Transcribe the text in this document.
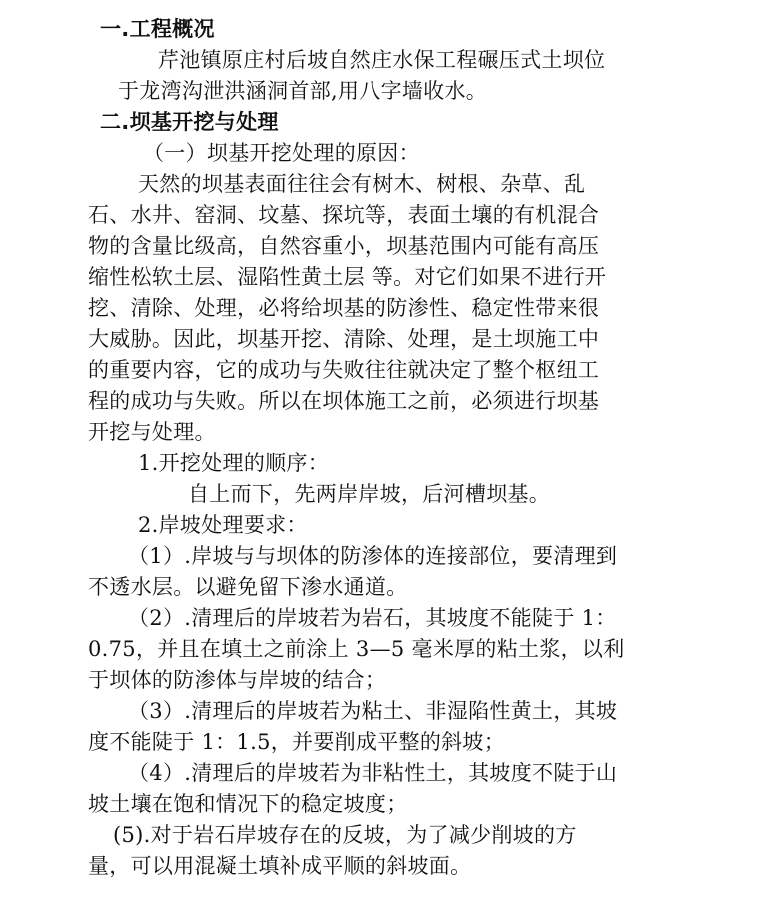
一.工程概况
芹池镇原庄村后坡自然庄水保工程碾压式土坝位
于龙湾沟泄洪涵洞首部,用八字墙收水。
二.坝基开挖与处理
（一）坝基开挖处理的原因：
天然的坝基表面往往会有树木、树根、杂草、乱
石、水井、窑洞、坟墓、探坑等，表面土壤的有机混合
物的含量比级高，自然容重小，坝基范围内可能有高压
缩性松软土层、湿陷性黄土层 等。对它们如果不进行开
挖、清除、处理，必将给坝基的防渗性、稳定性带来很
大威胁。因此，坝基开挖、清除、处理，是土坝施工中
的重要内容，它的成功与失败往往就决定了整个枢纽工
程的成功与失败。所以在坝体施工之前，必须进行坝基
开挖与处理。
1.开挖处理的顺序：
自上而下，先两岸岸坡，后河槽坝基。
2.岸坡处理要求：
（1）.岸坡与与坝体的防渗体的连接部位，要清理到
不透水层。以避免留下渗水通道。
（2）.清理后的岸坡若为岩石，其坡度不能陡于 1：
0.75，并且在填土之前涂上 3—5 毫米厚的粘土浆，以利
于坝体的防渗体与岸坡的结合；
（3）.清理后的岸坡若为粘土、非湿陷性黄土，其坡
度不能陡于 1：1.5，并要削成平整的斜坡；
（4）.清理后的岸坡若为非粘性土，其坡度不陡于山
坡土壤在饱和情况下的稳定坡度；
(5).对于岩石岸坡存在的反坡，为了减少削坡的方
量，可以用混凝土填补成平顺的斜坡面。
